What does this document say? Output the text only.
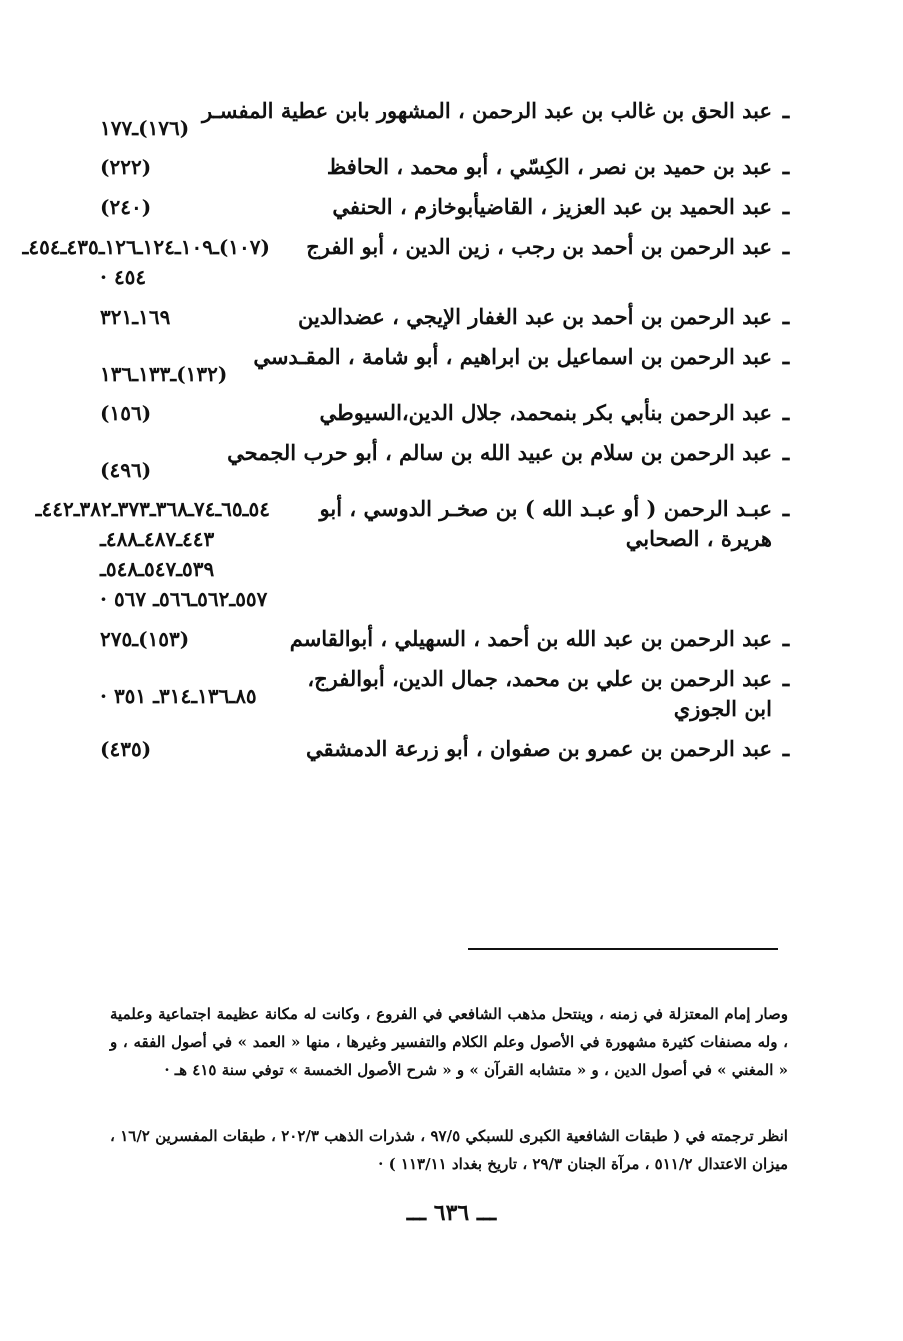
ـ
عبد الحق بن غالب بن عبد الرحمن ، المشهور بابن عطية المفسـر
(١٧٦)ـ١٧٧
ـ
عبد بن حميد بن نصر ، الكِسّي ، أبو محمد ، الحافظ
(٢٢٢)
ـ
عبد الحميد بن عبد العزيز ، القاضيأبوخازم ، الحنفي
(٢٤٠)
ـ
عبد الرحمن بن أحمد بن رجب ، زين الدين ، أبو الفرج
(١٠٧)ـ١٠٩ـ١٢٤ـ١٢٦ـ٤٣٥ـ٤٥٤ـ ٤٥٤ ·
ـ
عبد الرحمن بن أحمد بن عبد الغفار الإيجي ، عضدالدين
١٦٩ـ٣٢١
ـ
عبد الرحمن بن اسماعيل بن ابراهيم ، أبو شامة ، المقـدسي
(١٣٢)ـ١٣٣ـ١٣٦
ـ
عبد الرحمن بنأبي بكر بنمحمد، جلال الدين،السيوطي
(١٥٦)
ـ
عبد الرحمن بن سلام بن عبيد الله بن سالم ، أبو حرب الجمحي
(٤٩٦)
ـ
عبـد الرحمن ( أو عبـد الله ) بن صخـر الدوسي ، أبو هريرة ، الصحابي
٥٤ـ٦٥ـ٧٤ـ٣٦٨ـ٣٧٣ـ٣٨٢ـ٤٤٢ـ ٤٤٣ـ٤٨٧ـ٤٨٨ـ ٥٣٩ـ٥٤٧ـ٥٤٨ـ ٥٥٧ـ٥٦٢ـ٥٦٦ـ ٥٦٧ ·
ـ
عبد الرحمن بن عبد الله بن أحمد ، السهيلي ، أبوالقاسم
(١٥٣)ـ٢٧٥
ـ
عبد الرحمن بن علي بن محمد، جمال الدين، أبوالفرج، ابن الجوزي
٨٥ـ١٣٦ـ٣١٤ـ ٣٥١ ·
ـ
عبد الرحمن بن عمرو بن صفوان ، أبو زرعة الدمشقي
(٤٣٥)

وصار إمام المعتزلة في زمنه ، وينتحل مذهب الشافعي في الفروع ، وكانت له مكانة عظيمة اجتماعية وعلمية ، وله مصنفات كثيرة مشهورة في الأصول وعلم الكلام والتفسير وغيرها ، منها « العمد » في أصول الفقه ، و « المغني » في أصول الدين ، و « متشابه القرآن » و « شرح الأصول الخمسة » توفي سنة ٤١٥ هـ ·

انظر ترجمته في ( طبقات الشافعية الكبرى للسبكي ٩٧/٥ ، شذرات الذهب ٢٠٢/٣ ، طبقات المفسرين ١٦/٢ ، ميزان الاعتدال ٥١١/٢ ، مرآة الجنان ٢٩/٣ ، تاريخ بغداد ١١٣/١١ ) ·

ـــ ٦٣٦ ـــ
